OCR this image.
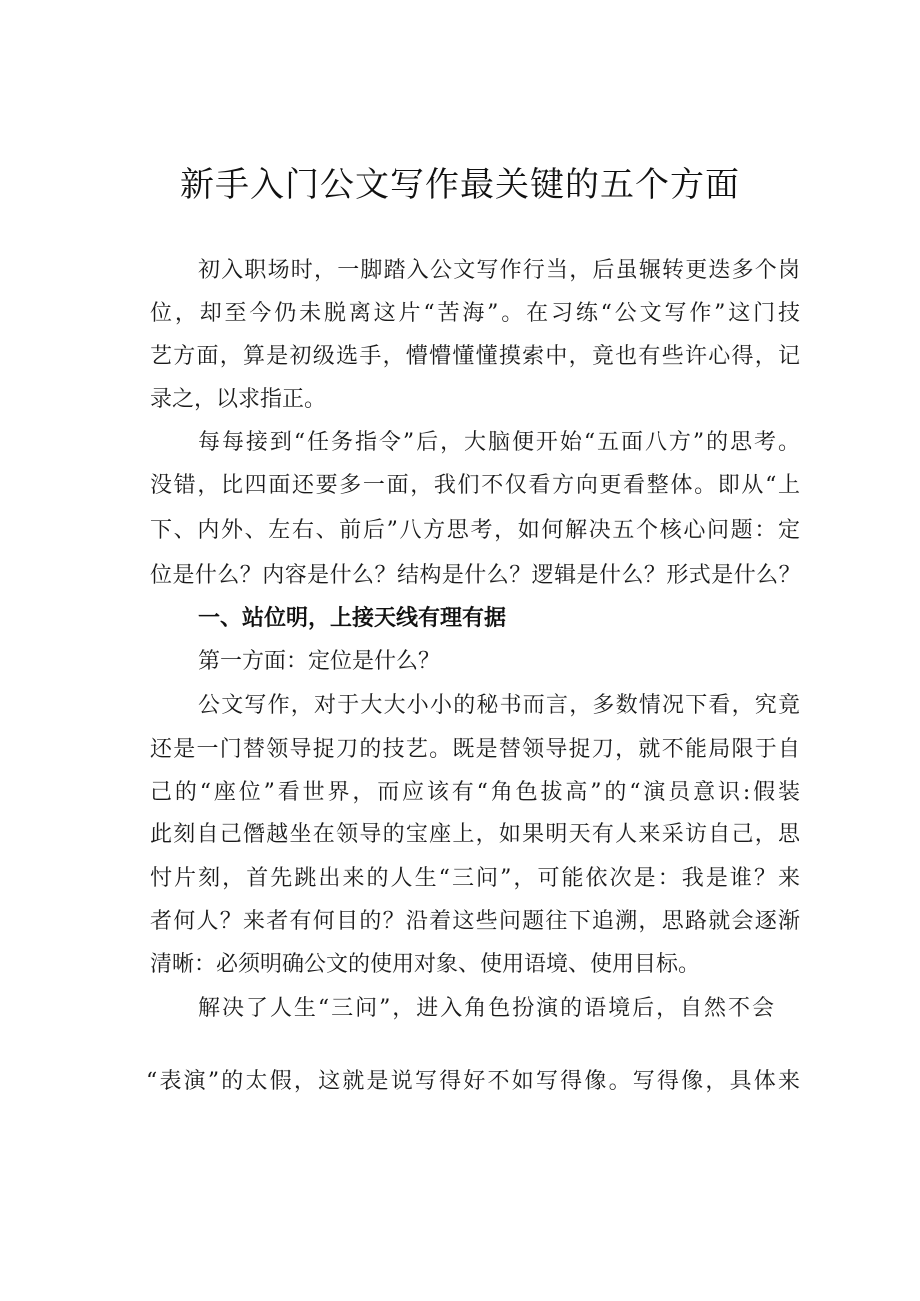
新手入门公文写作最关键的五个方面
初入职场时，一脚踏入公文写作行当，后虽辗转更迭多个岗
位，却至今仍未脱离这片“苦海”。在习练“公文写作”这门技
艺方面，算是初级选手，懵懵懂懂摸索中，竟也有些许心得，记
录之，以求指正。
每每接到“任务指令”后，大脑便开始“五面八方”的思考。
没错，比四面还要多一面，我们不仅看方向更看整体。即从“上
下、内外、左右、前后”八方思考，如何解决五个核心问题：定
位是什么？内容是什么？结构是什么？逻辑是什么？形式是什么？
一、站位明，上接天线有理有据
第一方面：定位是什么？
公文写作，对于大大小小的秘书而言，多数情况下看，究竟
还是一门替领导捉刀的技艺。既是替领导捉刀，就不能局限于自
己的“座位”看世界，而应该有“角色拔高”的“演员意识:假装
此刻自己僭越坐在领导的宝座上，如果明天有人来采访自己，思
忖片刻，首先跳出来的人生“三问”，可能依次是：我是谁？来
者何人？来者有何目的？沿着这些问题往下追溯，思路就会逐渐
清晰：必须明确公文的使用对象、使用语境、使用目标。
解决了人生“三问”，进入角色扮演的语境后，自然不会
“表演”的太假，这就是说写得好不如写得像。写得像，具体来
